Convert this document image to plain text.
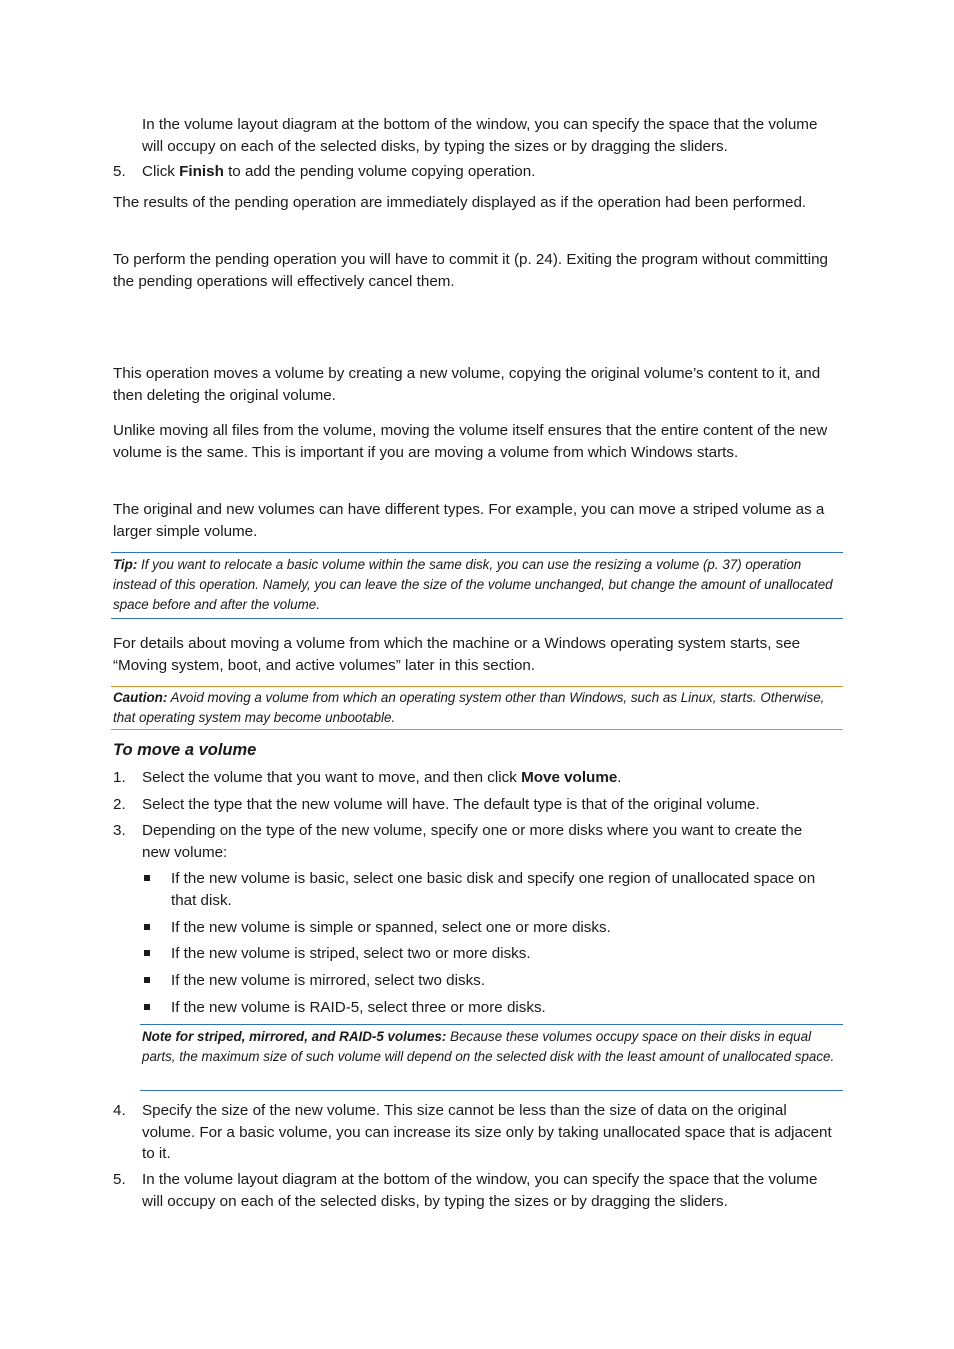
In the volume layout diagram at the bottom of the window, you can specify the space that the volume will occupy on each of the selected disks, by typing the sizes or by dragging the sliders.

5. Click Finish to add the pending volume copying operation.

The results of the pending operation are immediately displayed as if the operation had been performed.

To perform the pending operation you will have to commit it (p. 24). Exiting the program without committing the pending operations will effectively cancel them.

This operation moves a volume by creating a new volume, copying the original volume’s content to it, and then deleting the original volume.

Unlike moving all files from the volume, moving the volume itself ensures that the entire content of the new volume is the same. This is important if you are moving a volume from which Windows starts.

The original and new volumes can have different types. For example, you can move a striped volume as a larger simple volume.

Tip: If you want to relocate a basic volume within the same disk, you can use the resizing a volume (p. 37) operation instead of this operation. Namely, you can leave the size of the volume unchanged, but change the amount of unallocated space before and after the volume.

For details about moving a volume from which the machine or a Windows operating system starts, see “Moving system, boot, and active volumes” later in this section.

Caution: Avoid moving a volume from which an operating system other than Windows, such as Linux, starts. Otherwise, that operating system may become unbootable.
To move a volume
1. Select the volume that you want to move, and then click Move volume.

2. Select the type that the new volume will have. The default type is that of the original volume.

3. Depending on the type of the new volume, specify one or more disks where you want to create the new volume:

If the new volume is basic, select one basic disk and specify one region of unallocated space on that disk.

If the new volume is simple or spanned, select one or more disks.

If the new volume is striped, select two or more disks.

If the new volume is mirrored, select two disks.

If the new volume is RAID-5, select three or more disks.

Note for striped, mirrored, and RAID-5 volumes: Because these volumes occupy space on their disks in equal parts, the maximum size of such volume will depend on the selected disk with the least amount of unallocated space.
4. Specify the size of the new volume. This size cannot be less than the size of data on the original volume. For a basic volume, you can increase its size only by taking unallocated space that is adjacent to it.

5. In the volume layout diagram at the bottom of the window, you can specify the space that the volume will occupy on each of the selected disks, by typing the sizes or by dragging the sliders.
